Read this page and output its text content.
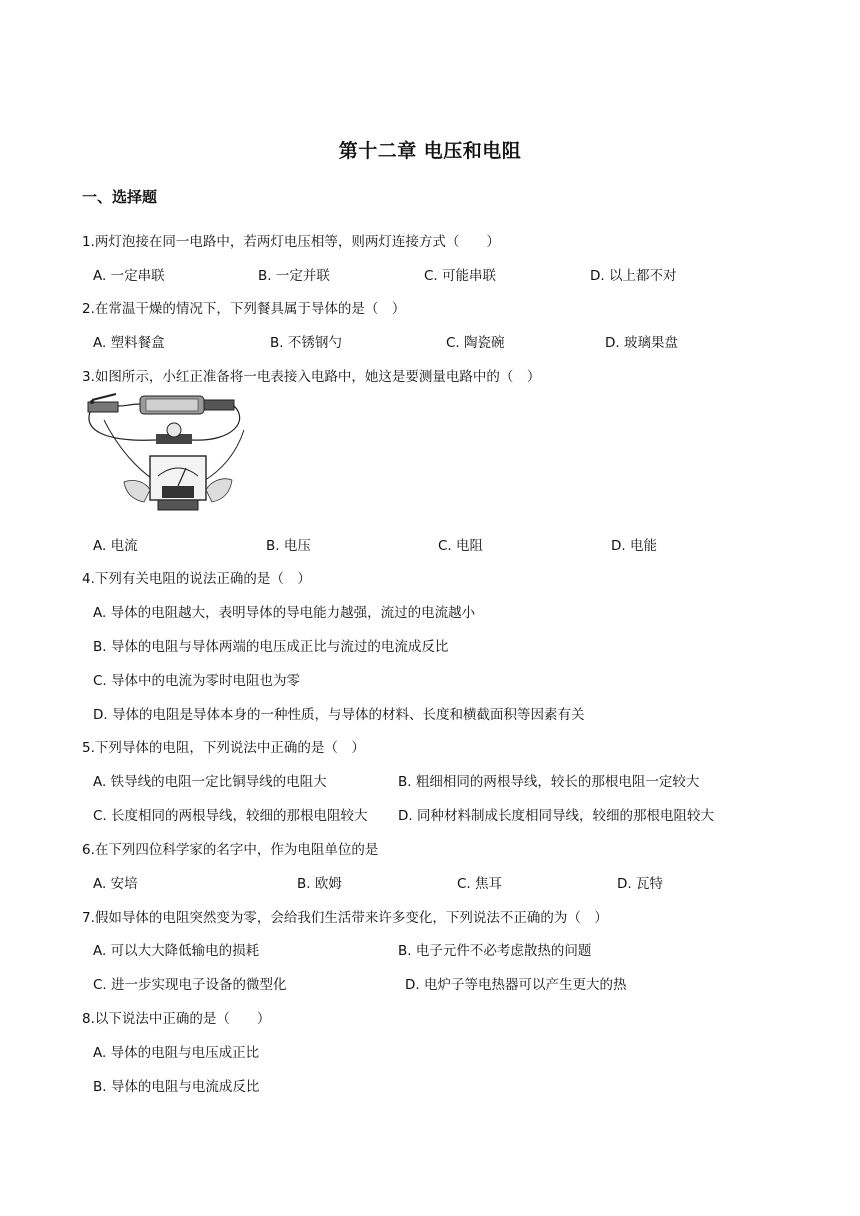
第十二章 电压和电阻
一、选择题
1.两灯泡接在同一电路中，若两灯电压相等，则两灯连接方式（　　）
A. 一定串联	B. 一定并联	C. 可能串联	D. 以上都不对
2.在常温干燥的情况下，下列餐具属于导体的是（　）
A. 塑料餐盒	B. 不锈钢勺	C. 陶瓷碗	D. 玻璃果盘
3.如图所示，小红正准备将一电表接入电路中，她这是要测量电路中的（　）
A. 电流	B. 电压	C. 电阻	D. 电能
4.下列有关电阻的说法正确的是（　）
A. 导体的电阻越大，表明导体的导电能力越强，流过的电流越小
B. 导体的电阻与导体两端的电压成正比与流过的电流成反比
C. 导体中的电流为零时电阻也为零
D. 导体的电阻是导体本身的一种性质，与导体的材料、长度和横截面积等因素有关
5.下列导体的电阻，下列说法中正确的是（　）
A. 铁导线的电阻一定比铜导线的电阻大	B. 粗细相同的两根导线，较长的那根电阻一定较大
C. 长度相同的两根导线，较细的那根电阻较大 D. 同种材料制成长度相同导线，较细的那根电阻较大
6.在下列四位科学家的名字中，作为电阻单位的是
A. 安培	B. 欧姆	C. 焦耳	D. 瓦特
7.假如导体的电阻突然变为零，会给我们生活带来许多变化，下列说法不正确的为（　）
A. 可以大大降低输电的损耗	B. 电子元件不必考虑散热的问题
C. 进一步实现电子设备的微型化	D. 电炉子等电热器可以产生更大的热
8.以下说法中正确的是（　　）
A. 导体的电阻与电压成正比
B. 导体的电阻与电流成反比
